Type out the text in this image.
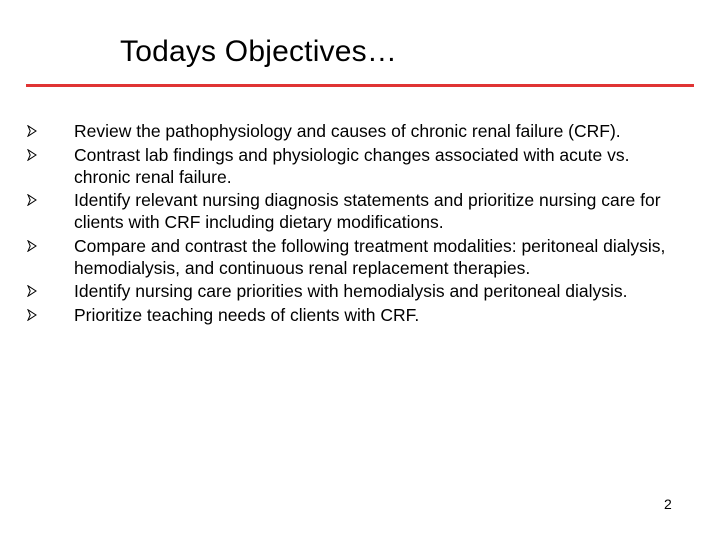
Todays Objectives…
Review the pathophysiology and causes of chronic renal failure (CRF).
Contrast lab findings and physiologic changes associated with acute vs. chronic renal failure.
Identify relevant nursing diagnosis statements and prioritize nursing care for clients with CRF including dietary modifications.
Compare and contrast the following treatment modalities: peritoneal dialysis, hemodialysis, and continuous renal replacement therapies.
Identify nursing care priorities with hemodialysis and peritoneal dialysis.
Prioritize teaching needs of clients with CRF.
2
